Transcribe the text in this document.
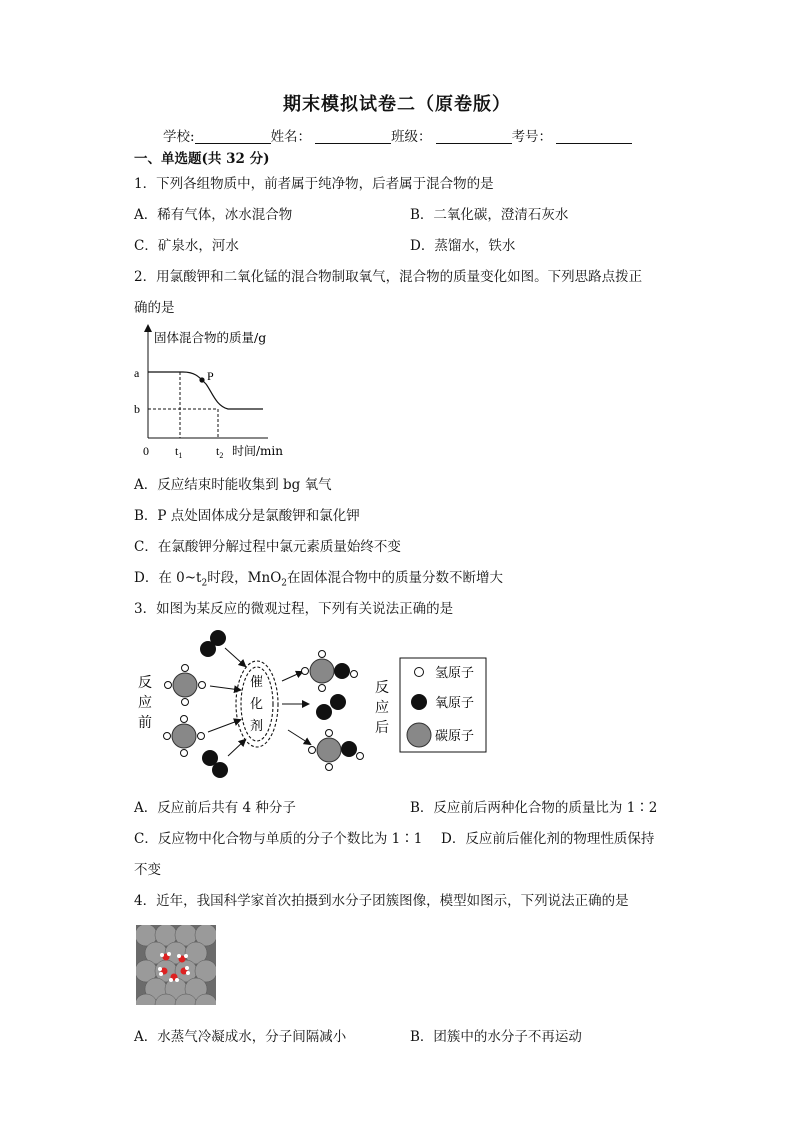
期末模拟试卷二（原卷版）
学校:	姓名：	班级：	考号：
一、单选题(共 32 分)
1．下列各组物质中，前者属于纯净物，后者属于混合物的是
A．稀有气体，冰水混合物	B．二氧化碳，澄清石灰水
C．矿泉水，河水	D．蒸馏水，铁水
2．用氯酸钾和二氧化锰的混合物制取氧气，混合物的质量变化如图。下列思路点拨正
确的是
P
固体混合物的质量/g
a
b
0 $t_1$	$t_2$ 时间/min
A．反应结束时能收集到 bg 氧气
B．P 点处固体成分是氯酸钾和氯化钾
C．在氯酸钾分解过程中氯元素质量始终不变
D．在 $0\sim t_2$时段，MnO$_2$在固体混合物中的质量分数不断增大
3．如图为某反应的微观过程，下列有关说法正确的是
反
应
前
催
化
剂
反
应
后
氢原子
氧原子
碳原子
A．反应前后共有 4 种分子	B．反应前后两种化合物的质量比为 1∶2
C．反应物中化合物与单质的分子个数比为 1∶1 D．反应前后催化剂的物理性质保持
不变
4．近年，我国科学家首次拍摄到水分子团簇图像，模型如图示，下列说法正确的是
A．水蒸气冷凝成水，分子间隔减小	B．团簇中的水分子不再运动
